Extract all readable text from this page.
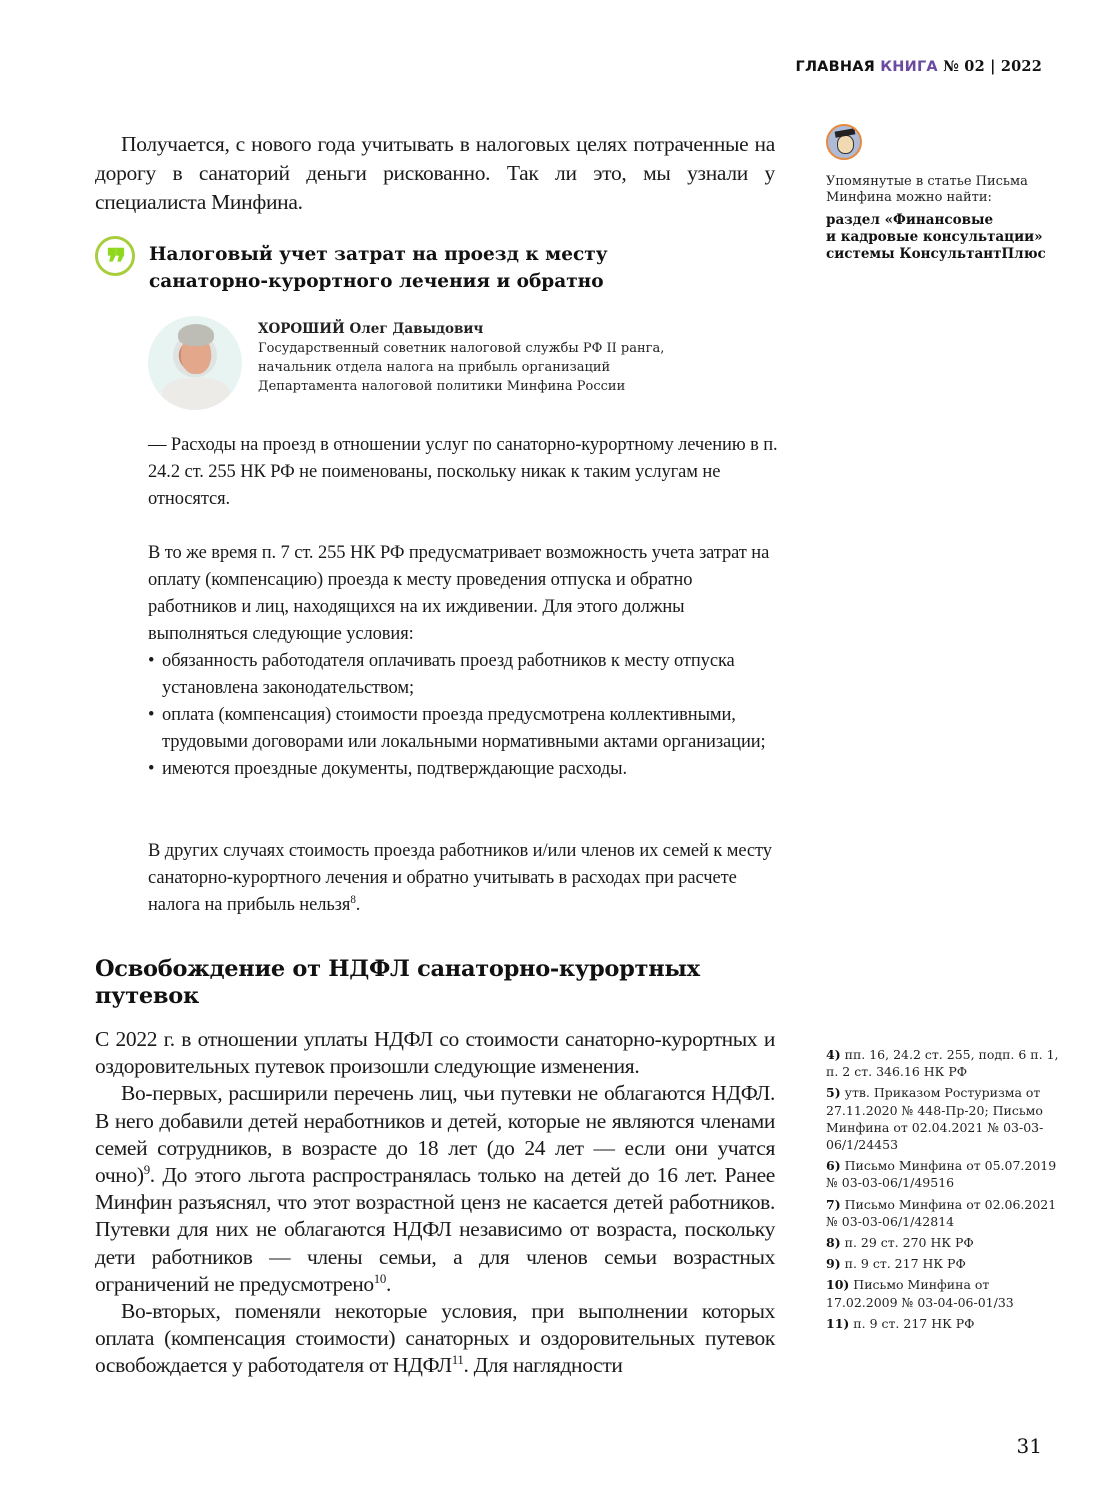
ГЛАВНАЯ КНИГА № 02 | 2022
Получается, с нового года учитывать в налоговых целях потраченные на дорогу в санаторий деньги рискованно. Так ли это, мы узнали у специалиста Минфина.
❞ Налоговый учет затрат на проезд к месту санаторно-курортного лечения и обратно
ХОРОШИЙ Олег Давыдович
Государственный советник налоговой службы РФ II ранга,
начальник отдела налога на прибыль организаций
Департамента налоговой политики Минфина России

— Расходы на проезд в отношении услуг по санаторно-курортному лечению в п. 24.2 ст. 255 НК РФ не поименованы, поскольку никак к таким услугам не относятся.

В то же время п. 7 ст. 255 НК РФ предусматривает возможность учета затрат на оплату (компенсацию) проезда к месту проведения отпуска и обратно работников и лиц, находящихся на их иждивении. Для этого должны выполняться следующие условия:

• обязанность работодателя оплачивать проезд работников к месту отпуска установлена законодательством;
• оплата (компенсация) стоимости проезда предусмотрена коллективными, трудовыми договорами или локальными нормативными актами организации;
• имеются проездные документы, подтверждающие расходы.

В других случаях стоимость проезда работников и/или членов их семей к месту санаторно-курортного лечения и обратно учитывать в расходах при расчете налога на прибыль нельзя$^8$.

Освобождение от НДФЛ санаторно-курортных путевок

С 2022 г. в отношении уплаты НДФЛ со стоимости санаторно-курортных и оздоровительных путевок произошли следующие изменения.

Во-первых, расширили перечень лиц, чьи путевки не облагаются НДФЛ. В него добавили детей неработников и детей, которые не являются членами семей сотрудников, в возрасте до 18 лет (до 24 лет — если они учатся очно)$^9$. До этого льгота распространялась только на детей до 16 лет. Ранее Минфин разъяснял, что этот возрастной ценз не касается детей работников. Путевки для них не облагаются НДФЛ независимо от возраста, поскольку дети работников — члены семьи, а для членов семьи возрастных ограничений не предусмотрено$^{10}$.

Во-вторых, поменяли некоторые условия, при выполнении которых оплата (компенсация стоимости) санаторных и оздоровительных путевок освобождается у работодателя от НДФЛ$^{11}$. Для наглядности

Упомянутые в статье Письма Минфина можно найти:
раздел «Финансовые
и кадровые консультации»
системы КонсультантПлюс
4) пп. 16, 24.2 ст. 255, подп. 6 п. 1, п. 2 ст. 346.16 НК РФ
5) утв. Приказом Ростуризма от 27.11.2020 № 448-Пр-20; Письмо Минфина от 02.04.2021 № 03-03-06/1/24453
6) Письмо Минфина от 05.07.2019 № 03-03-06/1/49516
7) Письмо Минфина от 02.06.2021 № 03-03-06/1/42814
8) п. 29 ст. 270 НК РФ
9) п. 9 ст. 217 НК РФ
10) Письмо Минфина от 17.02.2009 № 03-04-06-01/33
11) п. 9 ст. 217 НК РФ
31
